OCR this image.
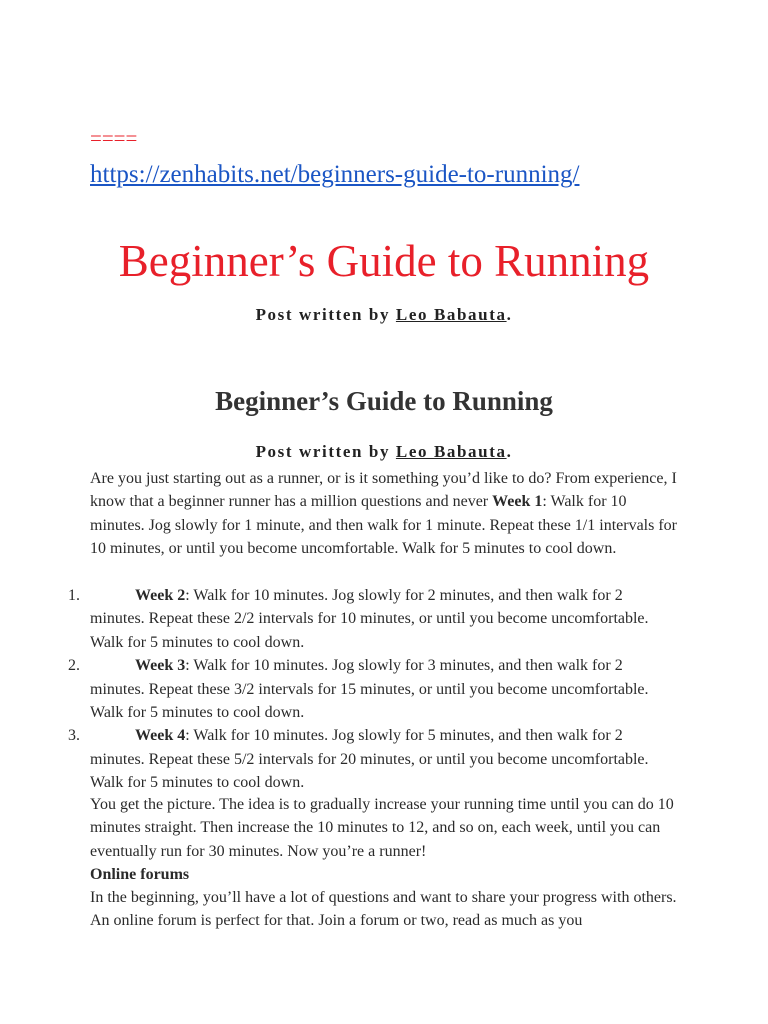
====
https://zenhabits.net/beginners-guide-to-running/
Beginner’s Guide to Running
Post written by Leo Babauta.
Beginner’s Guide to Running
Post written by Leo Babauta.
Are you just starting out as a runner, or is it something you’d like to do? From experience, I know that a beginner runner has a million questions and never Week 1: Walk for 10 minutes. Jog slowly for 1 minute, and then walk for 1 minute. Repeat these 1/1 intervals for 10 minutes, or until you become uncomfortable. Walk for 5 minutes to cool down.
1.	Week 2: Walk for 10 minutes. Jog slowly for 2 minutes, and then walk for 2 minutes. Repeat these 2/2 intervals for 10 minutes, or until you become uncomfortable. Walk for 5 minutes to cool down.
2.	Week 3: Walk for 10 minutes. Jog slowly for 3 minutes, and then walk for 2 minutes. Repeat these 3/2 intervals for 15 minutes, or until you become uncomfortable. Walk for 5 minutes to cool down.
3.	Week 4: Walk for 10 minutes. Jog slowly for 5 minutes, and then walk for 2 minutes. Repeat these 5/2 intervals for 20 minutes, or until you become uncomfortable. Walk for 5 minutes to cool down.
You get the picture. The idea is to gradually increase your running time until you can do 10 minutes straight. Then increase the 10 minutes to 12, and so on, each week, until you can eventually run for 30 minutes. Now you’re a runner!
Online forums
In the beginning, you’ll have a lot of questions and want to share your progress with others. An online forum is perfect for that. Join a forum or two, read as much as you
